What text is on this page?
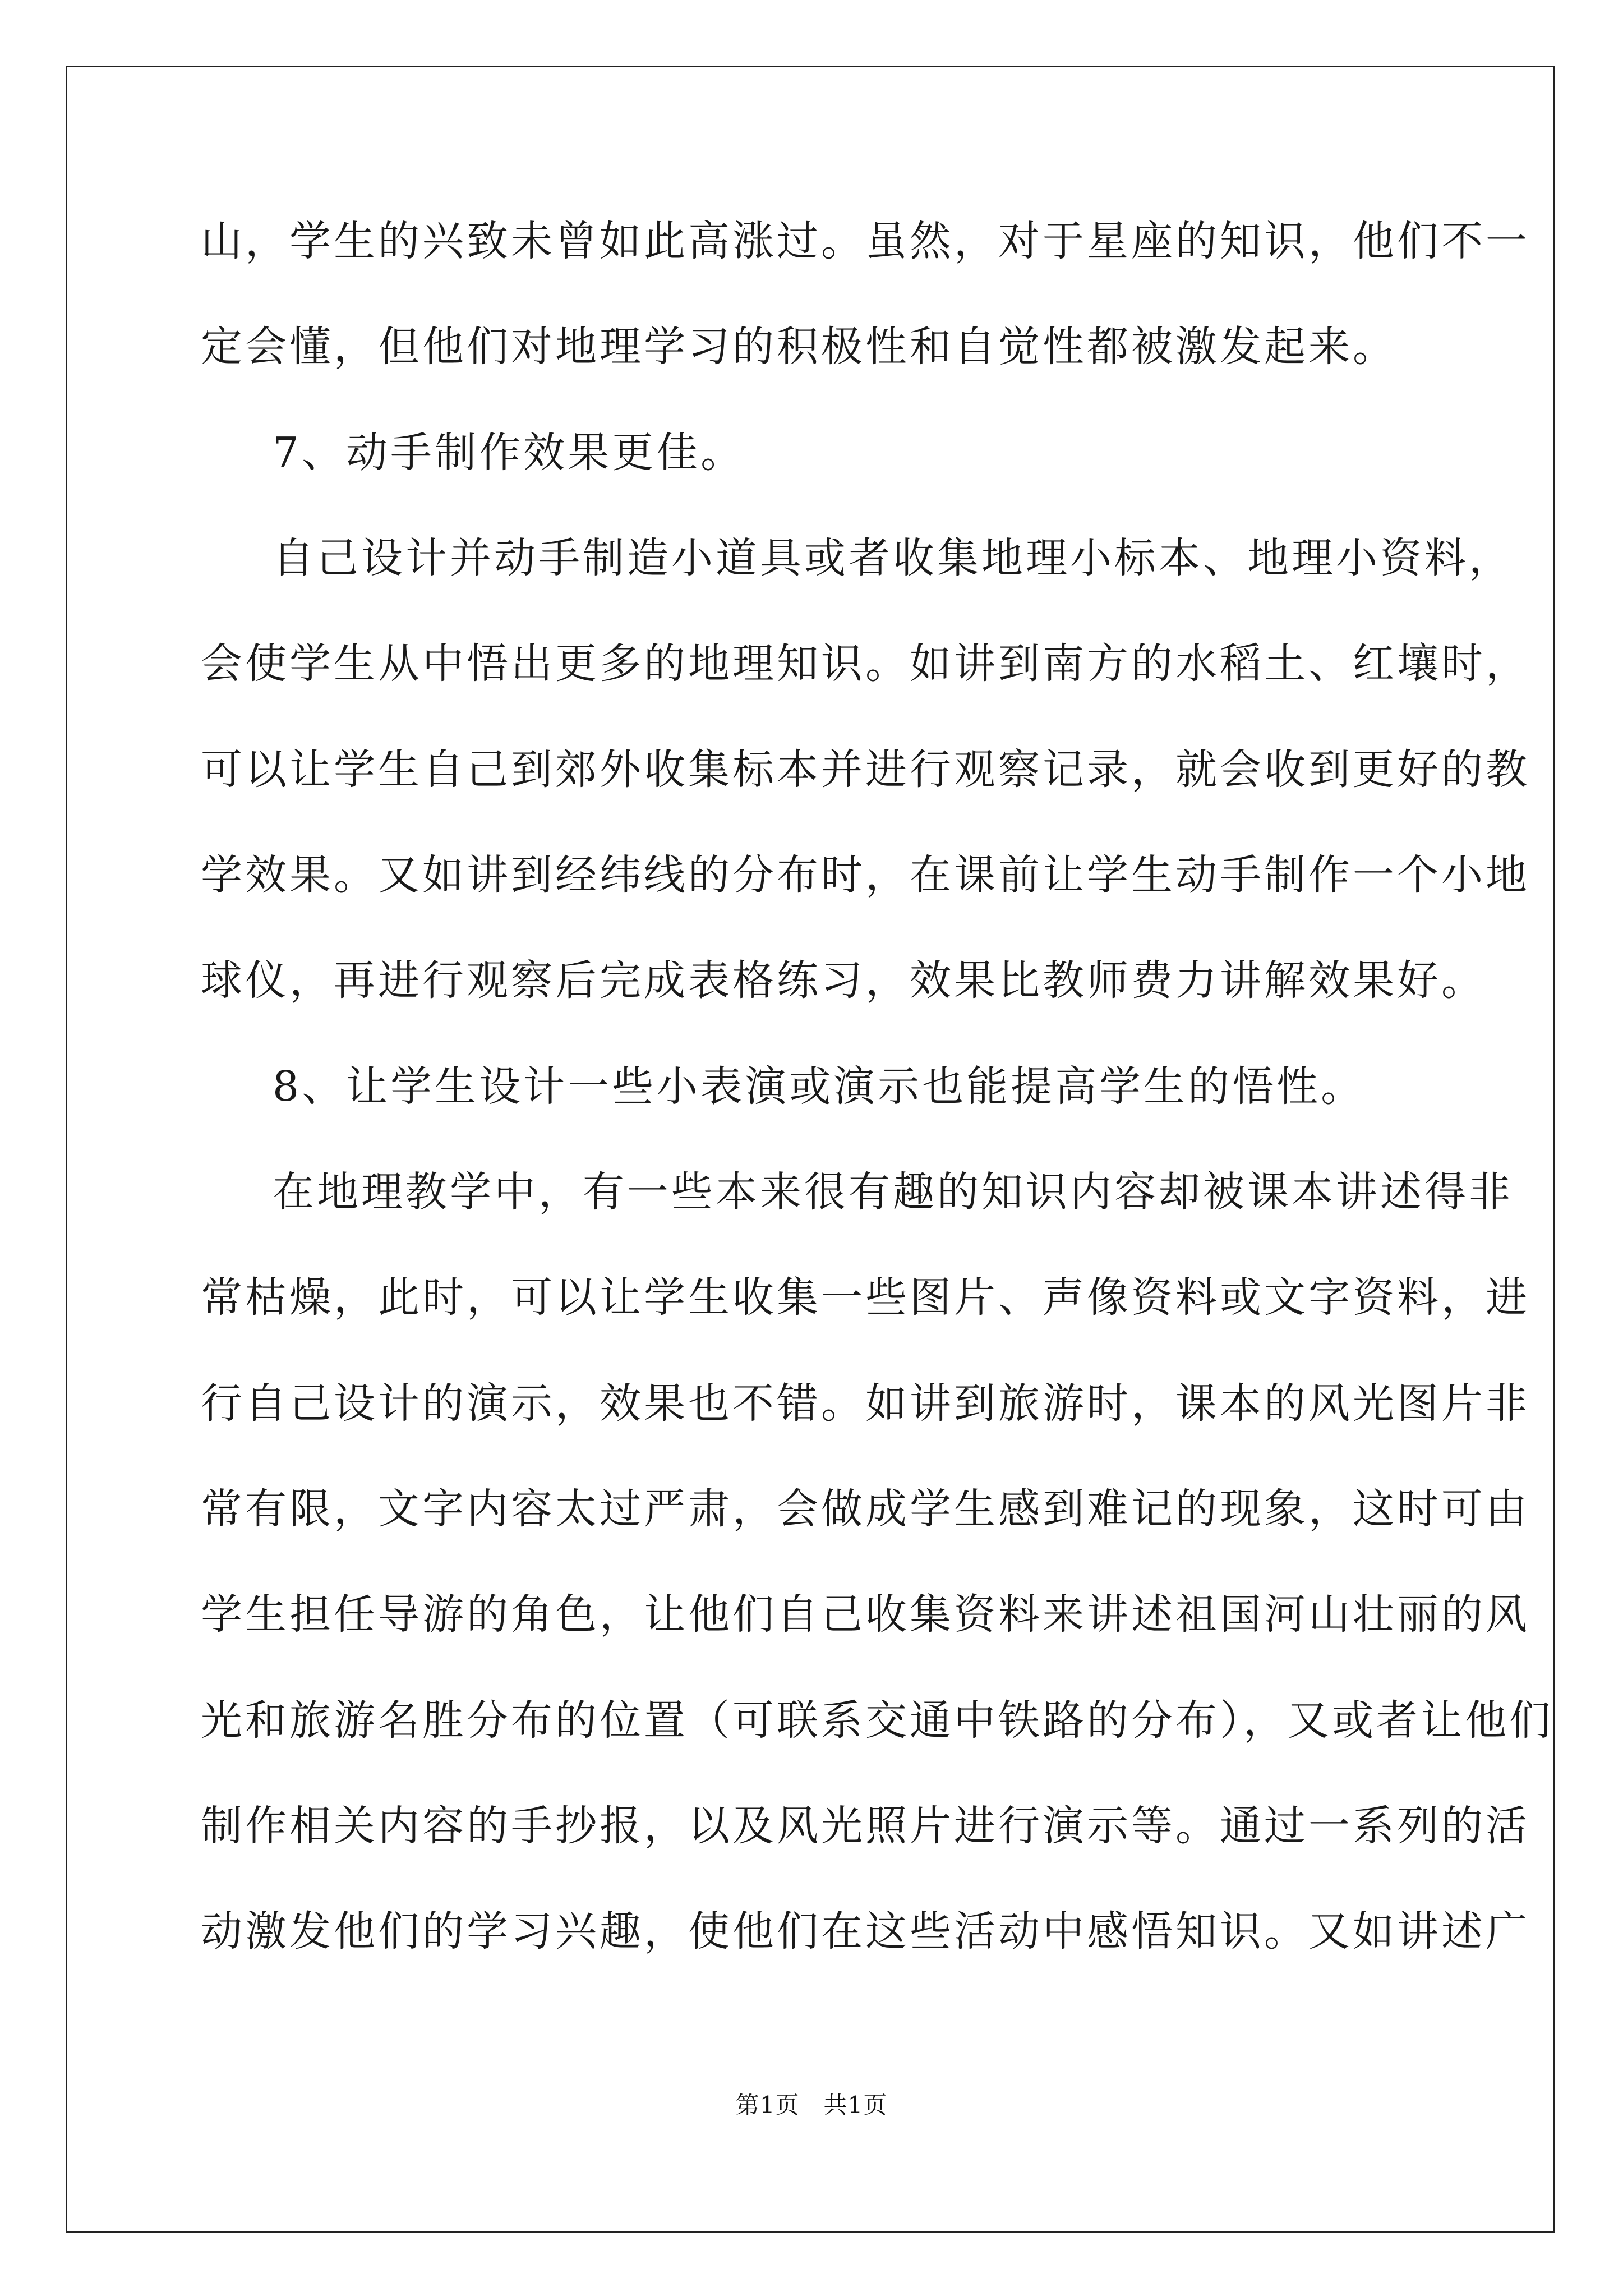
山，学生的兴致未曾如此高涨过。虽然，对于星座的知识，他们不一
定会懂，但他们对地理学习的积极性和自觉性都被激发起来。
7、动手制作效果更佳。
自己设计并动手制造小道具或者收集地理小标本、地理小资料，
会使学生从中悟出更多的地理知识。如讲到南方的水稻土、红壤时，
可以让学生自己到郊外收集标本并进行观察记录，就会收到更好的教
学效果。又如讲到经纬线的分布时，在课前让学生动手制作一个小地
球仪，再进行观察后完成表格练习，效果比教师费力讲解效果好。
8、让学生设计一些小表演或演示也能提高学生的悟性。
在地理教学中，有一些本来很有趣的知识内容却被课本讲述得非
常枯燥，此时，可以让学生收集一些图片、声像资料或文字资料，进
行自己设计的演示，效果也不错。如讲到旅游时，课本的风光图片非
常有限，文字内容太过严肃，会做成学生感到难记的现象，这时可由
学生担任导游的角色，让他们自己收集资料来讲述祖国河山壮丽的风
光和旅游名胜分布的位置（可联系交通中铁路的分布），又或者让他们
制作相关内容的手抄报，以及风光照片进行演示等。通过一系列的活
动激发他们的学习兴趣，使他们在这些活动中感悟知识。又如讲述广
第1页　共1页
